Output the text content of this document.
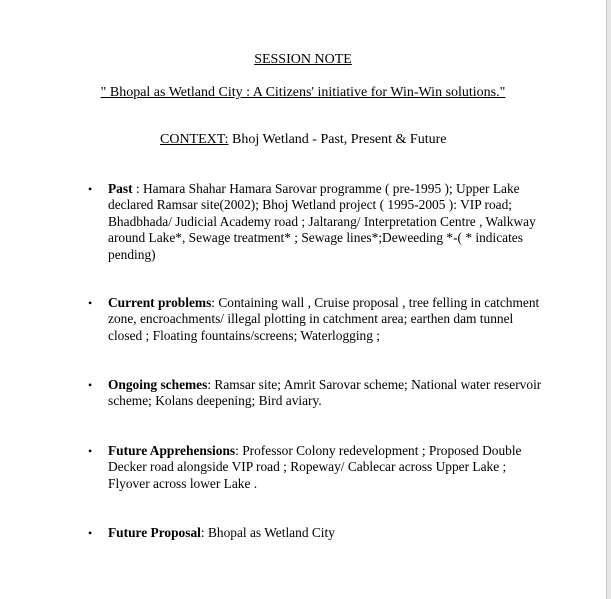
SESSION NOTE
" Bhopal as Wetland City : A Citizens' initiative for Win-Win solutions."
CONTEXT: Bhoj Wetland - Past, Present & Future
• Past : Hamara Shahar Hamara Sarovar programme ( pre-1995 ); Upper Lake declared Ramsar site(2002); Bhoj Wetland project ( 1995-2005 ): VIP road; Bhadbhada/ Judicial Academy road ; Jaltarang/ Interpretation Centre , Walkway around Lake*, Sewage treatment* ; Sewage lines*;Deweeding *-( * indicates pending)
• Current problems: Containing wall , Cruise proposal , tree felling in catchment zone, encroachments/ illegal plotting in catchment area; earthen dam tunnel closed ; Floating fountains/screens; Waterlogging ;
• Ongoing schemes: Ramsar site; Amrit Sarovar scheme; National water reservoir scheme; Kolans deepening; Bird aviary.
• Future Apprehensions: Professor Colony redevelopment ; Proposed Double Decker road alongside VIP road ; Ropeway/ Cablecar across Upper Lake ; Flyover across lower Lake .
• Future Proposal: Bhopal as Wetland City
